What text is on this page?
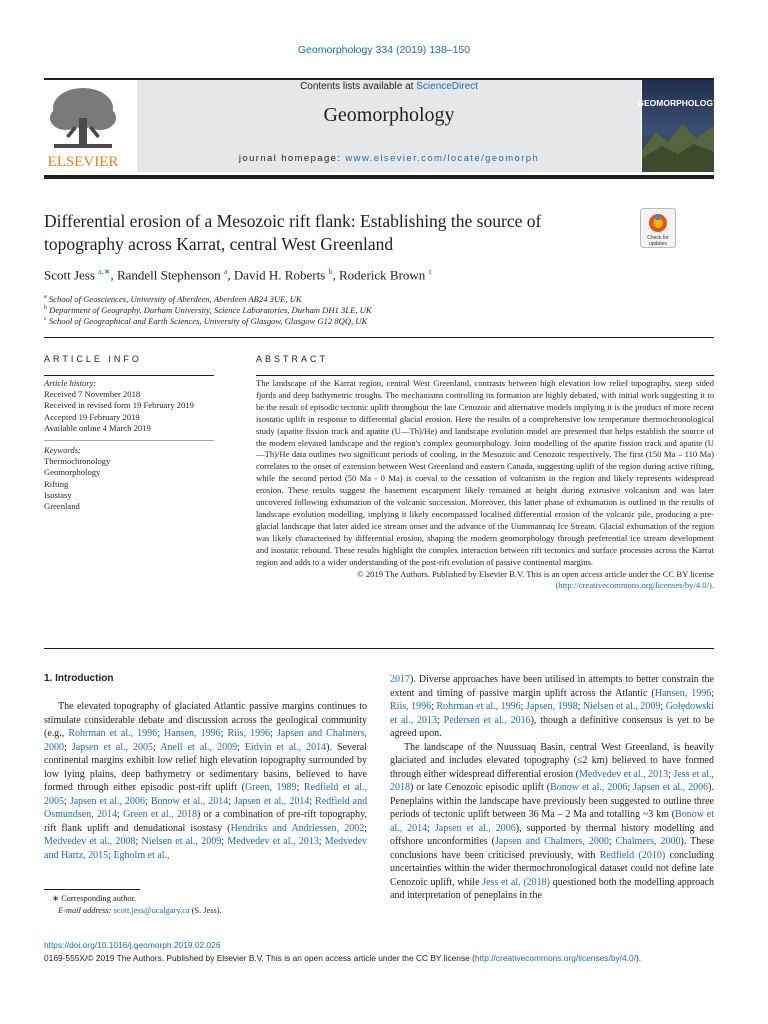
Geomorphology 334 (2019) 138–150
ELSEVIER
Contents lists available at ScienceDirect
Geomorphology
journal homepage: www.elsevier.com/locate/geomorph
GEOMORPHOLOGY
Differential erosion of a Mesozoic rift flank: Establishing the source of
topography across Karrat, central West Greenland	Check for
updates
Scott Jess $^{a,∗}$, Randell Stephenson $^a$, David H. Roberts $^b$, Roderick Brown $^c$
$^a$ School of Geosciences, University of Aberdeen, Aberdeen AB24 3UE, UK
$^b$ Department of Geography, Durham University, Science Laboratories, Durham DH1 3LE, UK
$^c$ School of Geographical and Earth Sciences, University of Glasgow, Glasgow G12 8QQ, UK
ARTICLE INFO
Article history:
Received 7 November 2018
Received in revised form 19 February 2019
Accepted 19 February 2019
Available online 4 March 2019
Keywords:
Thermochronology
Geomorphology
Rifting
Isostasy
Greenland
ABSTRACT
The landscape of the Karrat region, central West Greenland, contrasts between high elevation low relief topography, steep sided fjords and deep bathymetric troughs. The mechanisms controlling its formation are highly debated, with initial work suggesting it to be the result of episodic tectonic uplift throughout the late Cenozoic and alternative models implying it is the product of more recent isostatic uplift in response to differential glacial erosion. Here the results of a comprehensive low temperature thermochronological study (apatite fission track and apatite (U—Th)/He) and landscape evolution model are presented that helps establish the source of the modern elevated landscape and the region's complex geomorphology. Joint modelling of the apatite fission track and apatite (U—Th)/He data outlines two significant periods of cooling, in the Mesozoic and Cenozoic respectively. The first (150 Ma – 110 Ma) correlates to the onset of extension between West Greenland and eastern Canada, suggesting uplift of the region during active rifting, while the second period (50 Ma - 0 Ma) is coeval to the cessation of volcanism in the region and likely represents widespread erosion. These results suggest the basement escarpment likely remained at height during extrusive volcanism and was later uncovered following exhumation of the volcanic succession. Moreover, this latter phase of exhumation is outlined in the results of landscape evolution modelling, implying it likely encompassed localised differential erosion of the volcanic pile, producing a pre-glacial landscape that later aided ice stream onset and the advance of the Uummannaq Ice Stream. Glacial exhumation of the region was likely characterised by differential erosion, shaping the modern geomorphology through preferential ice stream development and isostatic rebound. These results highlight the complex interaction between rift tectonics and surface processes across the Karrat region and adds to a wider understanding of the post-rift evolution of passive continental margins.
© 2019 The Authors. Published by Elsevier B.V. This is an open access article under the CC BY license
(http://creativecommons.org/licenses/by/4.0/).
1. Introduction

The elevated topography of glaciated Atlantic passive margins continues to stimulate considerable debate and discussion across the geological community (e.g., Rohrman et al., 1996; Hansen, 1996; Riis, 1996; Japsen and Chalmers, 2000; Japsen et al., 2005; Anell et al., 2009; Eidvin et al., 2014). Several continental margins exhibit low relief high elevation topography surrounded by low lying plains, deep bathymetry or sedimentary basins, believed to have formed through either episodic post-rift uplift (Green, 1989; Redfield et al., 2005; Japsen et al., 2006; Bonow et al., 2014; Japsen et al., 2014; Redfield and Osmundsen, 2014; Green et al., 2018) or a combination of pre-rift topography, rift flank uplift and denudational isostasy (Hendriks and Andriessen, 2002; Medvedev et al., 2008; Nielsen et al., 2009; Medvedev et al., 2013; Medvedev and Hartz, 2015; Egholm et al.,

2017). Diverse approaches have been utilised in attempts to better constrain the extent and timing of passive margin uplift across the Atlantic (Hansen, 1996; Riis, 1996; Rohrman et al., 1996; Japsen, 1998; Nielsen et al., 2009; Gołędowski et al., 2013; Pedersen et al., 2016), though a definitive consensus is yet to be agreed upon.

The landscape of the Nuussuaq Basin, central West Greenland, is heavily glaciated and includes elevated topography (≤2 km) believed to have formed through either widespread differential erosion (Medvedev et al., 2013; Jess et al., 2018) or late Cenozoic episodic uplift (Bonow et al., 2006; Japsen et al., 2006). Peneplains within the landscape have previously been suggested to outline three periods of tectonic uplift between 36 Ma – 2 Ma and totalling ~3 km (Bonow et al., 2014; Japsen et al., 2006), supported by thermal history modelling and offshore unconformities (Japsen and Chalmers, 2000; Chalmers, 2000). These conclusions have been criticised previously, with Redfield (2010) concluding uncertainties within the wider thermochronological dataset could not define late Cenozoic uplift, while Jess et al. (2018) questioned both the modelling approach and interpretation of peneplains in the

∗ Corresponding author.
E-mail address: scott.jess@ucalgary.ca (S. Jess).
https://doi.org/10.1016/j.geomorph.2019.02.026
0169-555X/© 2019 The Authors. Published by Elsevier B.V. This is an open access article under the CC BY license (http://creativecommons.org/licenses/by/4.0/).
